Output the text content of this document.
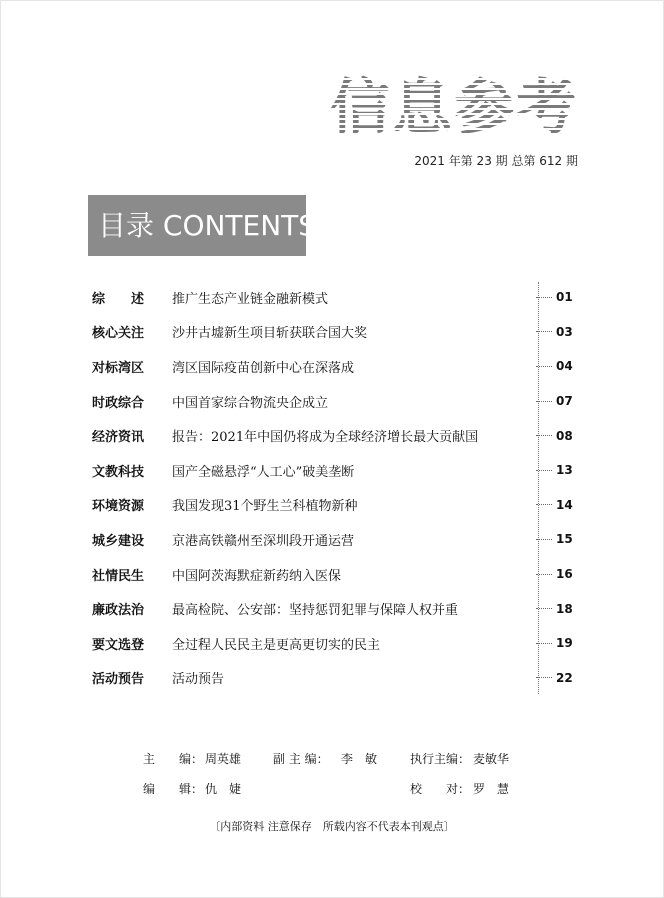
信息参考
2021 年第 23 期 总第 612 期
目录 CONTENTS
综　　述	推广生态产业链金融新模式	01
核心关注	沙井古墟新生项目斩获联合国大奖	03
对标湾区	湾区国际疫苗创新中心在深落成	04
时政综合	中国首家综合物流央企成立	07
经济资讯	报告：2021年中国仍将成为全球经济增长最大贡献国	08
文教科技	国产全磁悬浮“人工心”破美垄断	13
环境资源	我国发现31个野生兰科植物新种	14
城乡建设	京港高铁赣州至深圳段开通运营	15
社情民生	中国阿茨海默症新药纳入医保	16
廉政法治	最高检院、公安部：坚持惩罚犯罪与保障人权并重	18
要文选登	全过程人民民主是更高更切实的民主	19
活动预告	活动预告	22
主　　编： 周英雄	副 主 编： 李　敏	执行主编： 麦敏华
编　　辑： 仇　婕	校　　对： 罗　慧
〔内部资料 注意保存　所载内容不代表本刊观点〕
